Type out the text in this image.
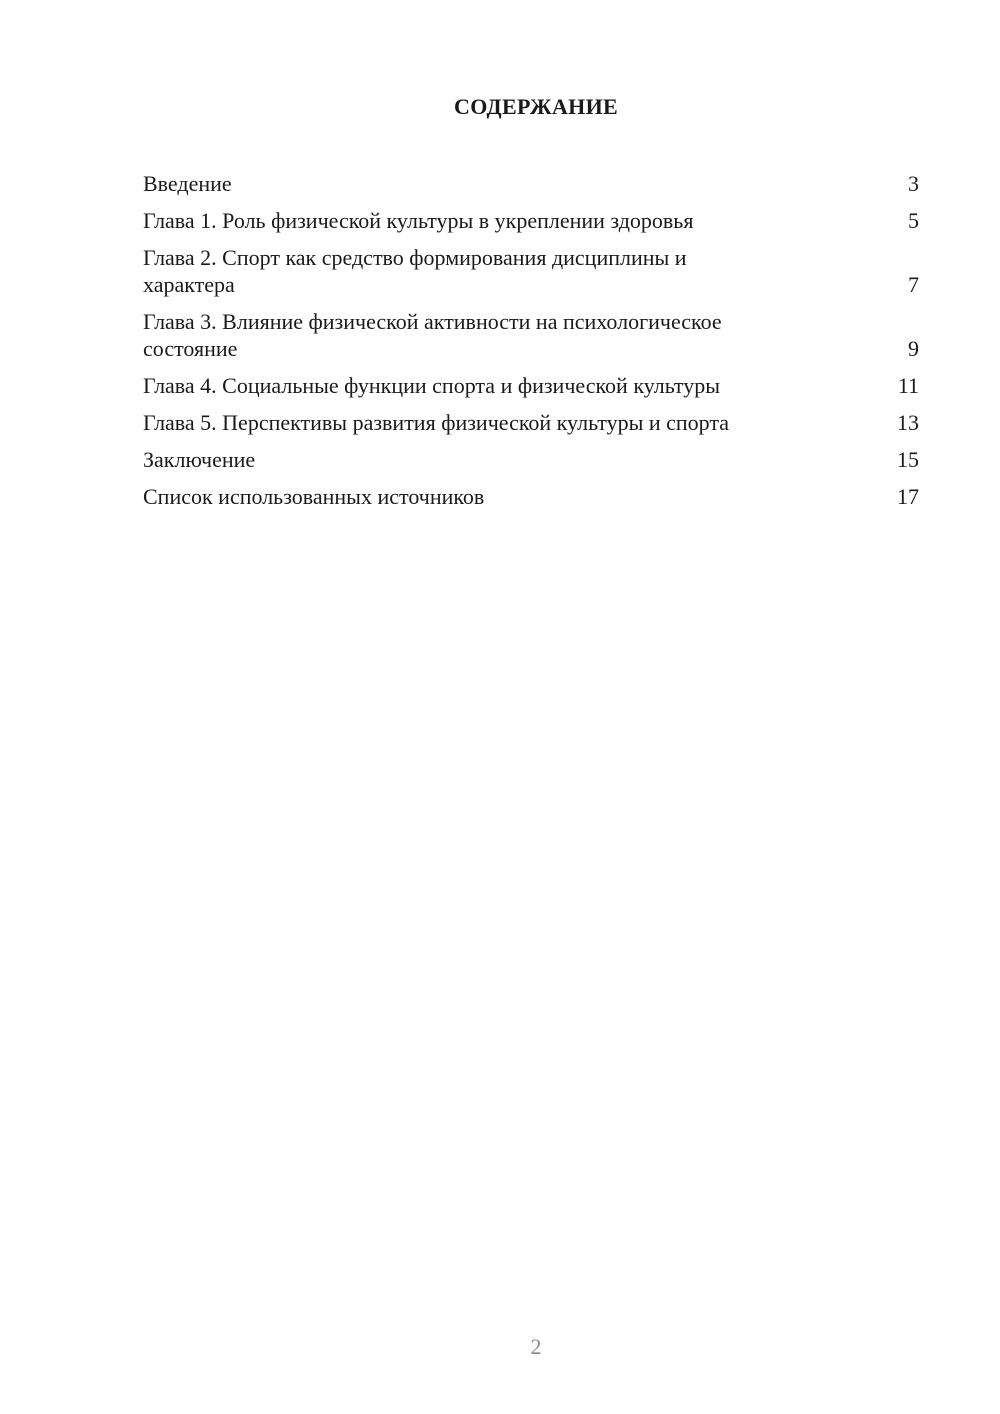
СОДЕРЖАНИЕ
Введение	3
Глава 1. Роль физической культуры в укреплении здоровья	5
Глава 2. Спорт как средство формирования дисциплины и характера	7
Глава 3. Влияние физической активности на психологическое состояние	9
Глава 4. Социальные функции спорта и физической культуры	11
Глава 5. Перспективы развития физической культуры и спорта	13
Заключение	15
Список использованных источников	17
2
